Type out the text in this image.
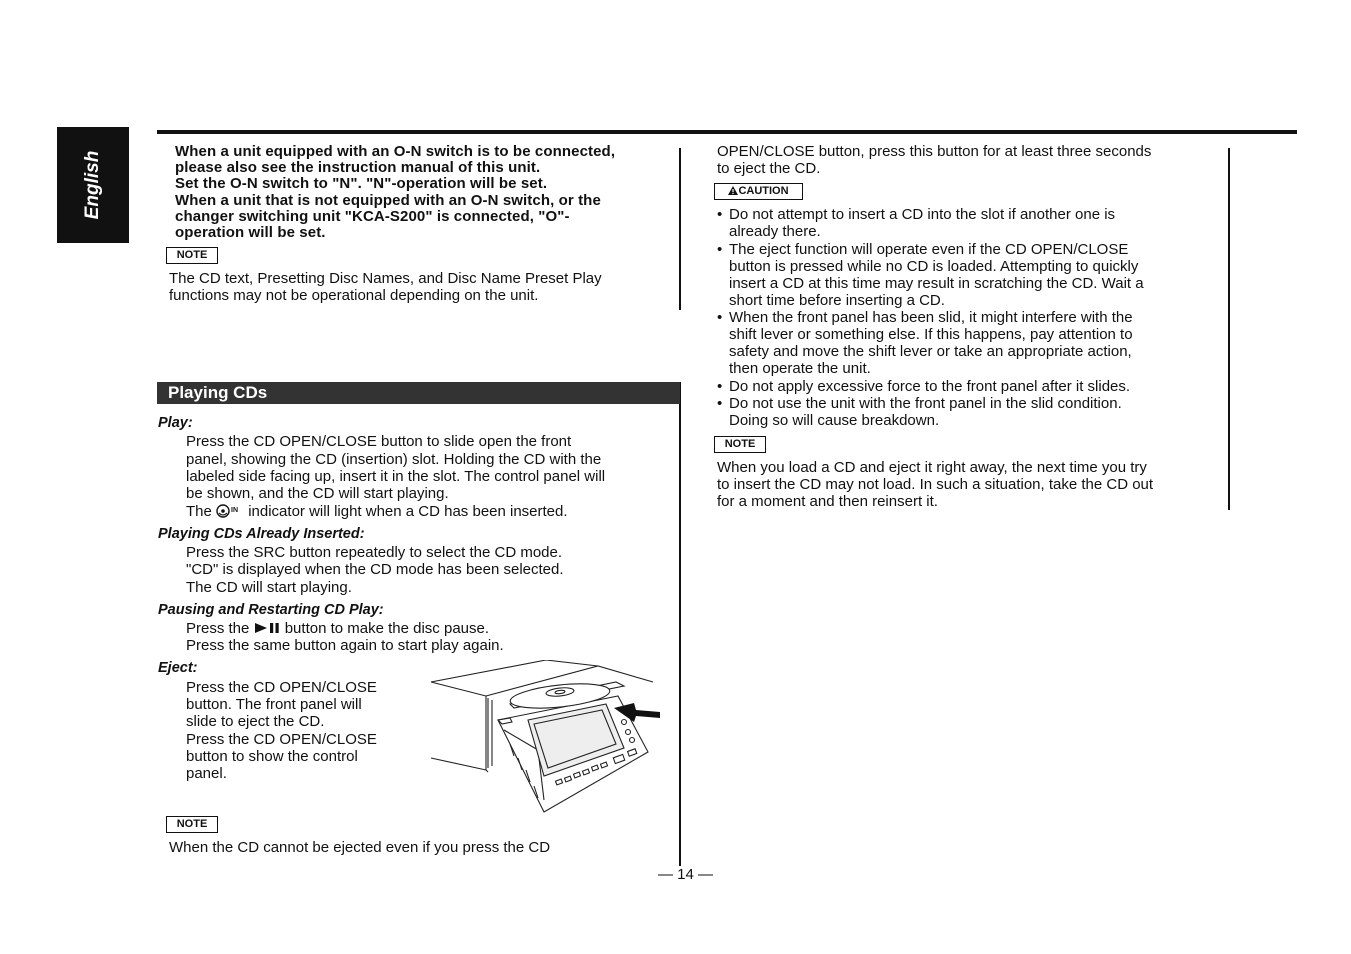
English	When a unit equipped with an O-N switch is to be connected,

please also see the instruction manual of this unit.

Set the O-N switch to "N". "N"-operation will be set.

When a unit that is not equipped with an O-N switch, or the

changer switching unit "KCA-S200" is connected, "O"-

operation will be set.

NOTE

The CD text, Presetting Disc Names, and Disc Name Preset Play

functions may not be operational depending on the unit.

Playing CDs
Play:

Press the CD OPEN/CLOSE button to slide open the front

panel, showing the CD (insertion) slot. Holding the CD with the

labeled side facing up, insert it in the slot. The control panel will

be shown, and the CD will start playing.

The	IN indicator will light when a CD has been inserted.

Playing CDs Already Inserted:

Press the SRC button repeatedly to select the CD mode.

"CD" is displayed when the CD mode has been selected.

The CD will start playing.

Pausing and Restarting CD Play:

Press the button to make the disc pause.

Press the same button again to start play again.

Eject:

Press the CD OPEN/CLOSE

button. The front panel will

slide to eject the CD.

Press the CD OPEN/CLOSE

button to show the control

panel.

NOTE

When the CD cannot be ejected even if you press the CD

OPEN/CLOSE button, press this button for at least three seconds

to eject the CD.

CAUTION
• Do not attempt to insert a CD into the slot if another one is
already there.
• The eject function will operate even if the CD OPEN/CLOSE
button is pressed while no CD is loaded. Attempting to quickly
insert a CD at this time may result in scratching the CD. Wait a
short time before inserting a CD.
• When the front panel has been slid, it might interfere with the
shift lever or something else. If this happens, pay attention to
safety and move the shift lever or take an appropriate action,
then operate the unit.
• Do not apply excessive force to the front panel after it slides.
• Do not use the unit with the front panel in the slid condition.
Doing so will cause breakdown.
NOTE

When you load a CD and eject it right away, the next time you try

to insert the CD may not load. In such a situation, take the CD out

for a moment and then reinsert it.

— 14 —
